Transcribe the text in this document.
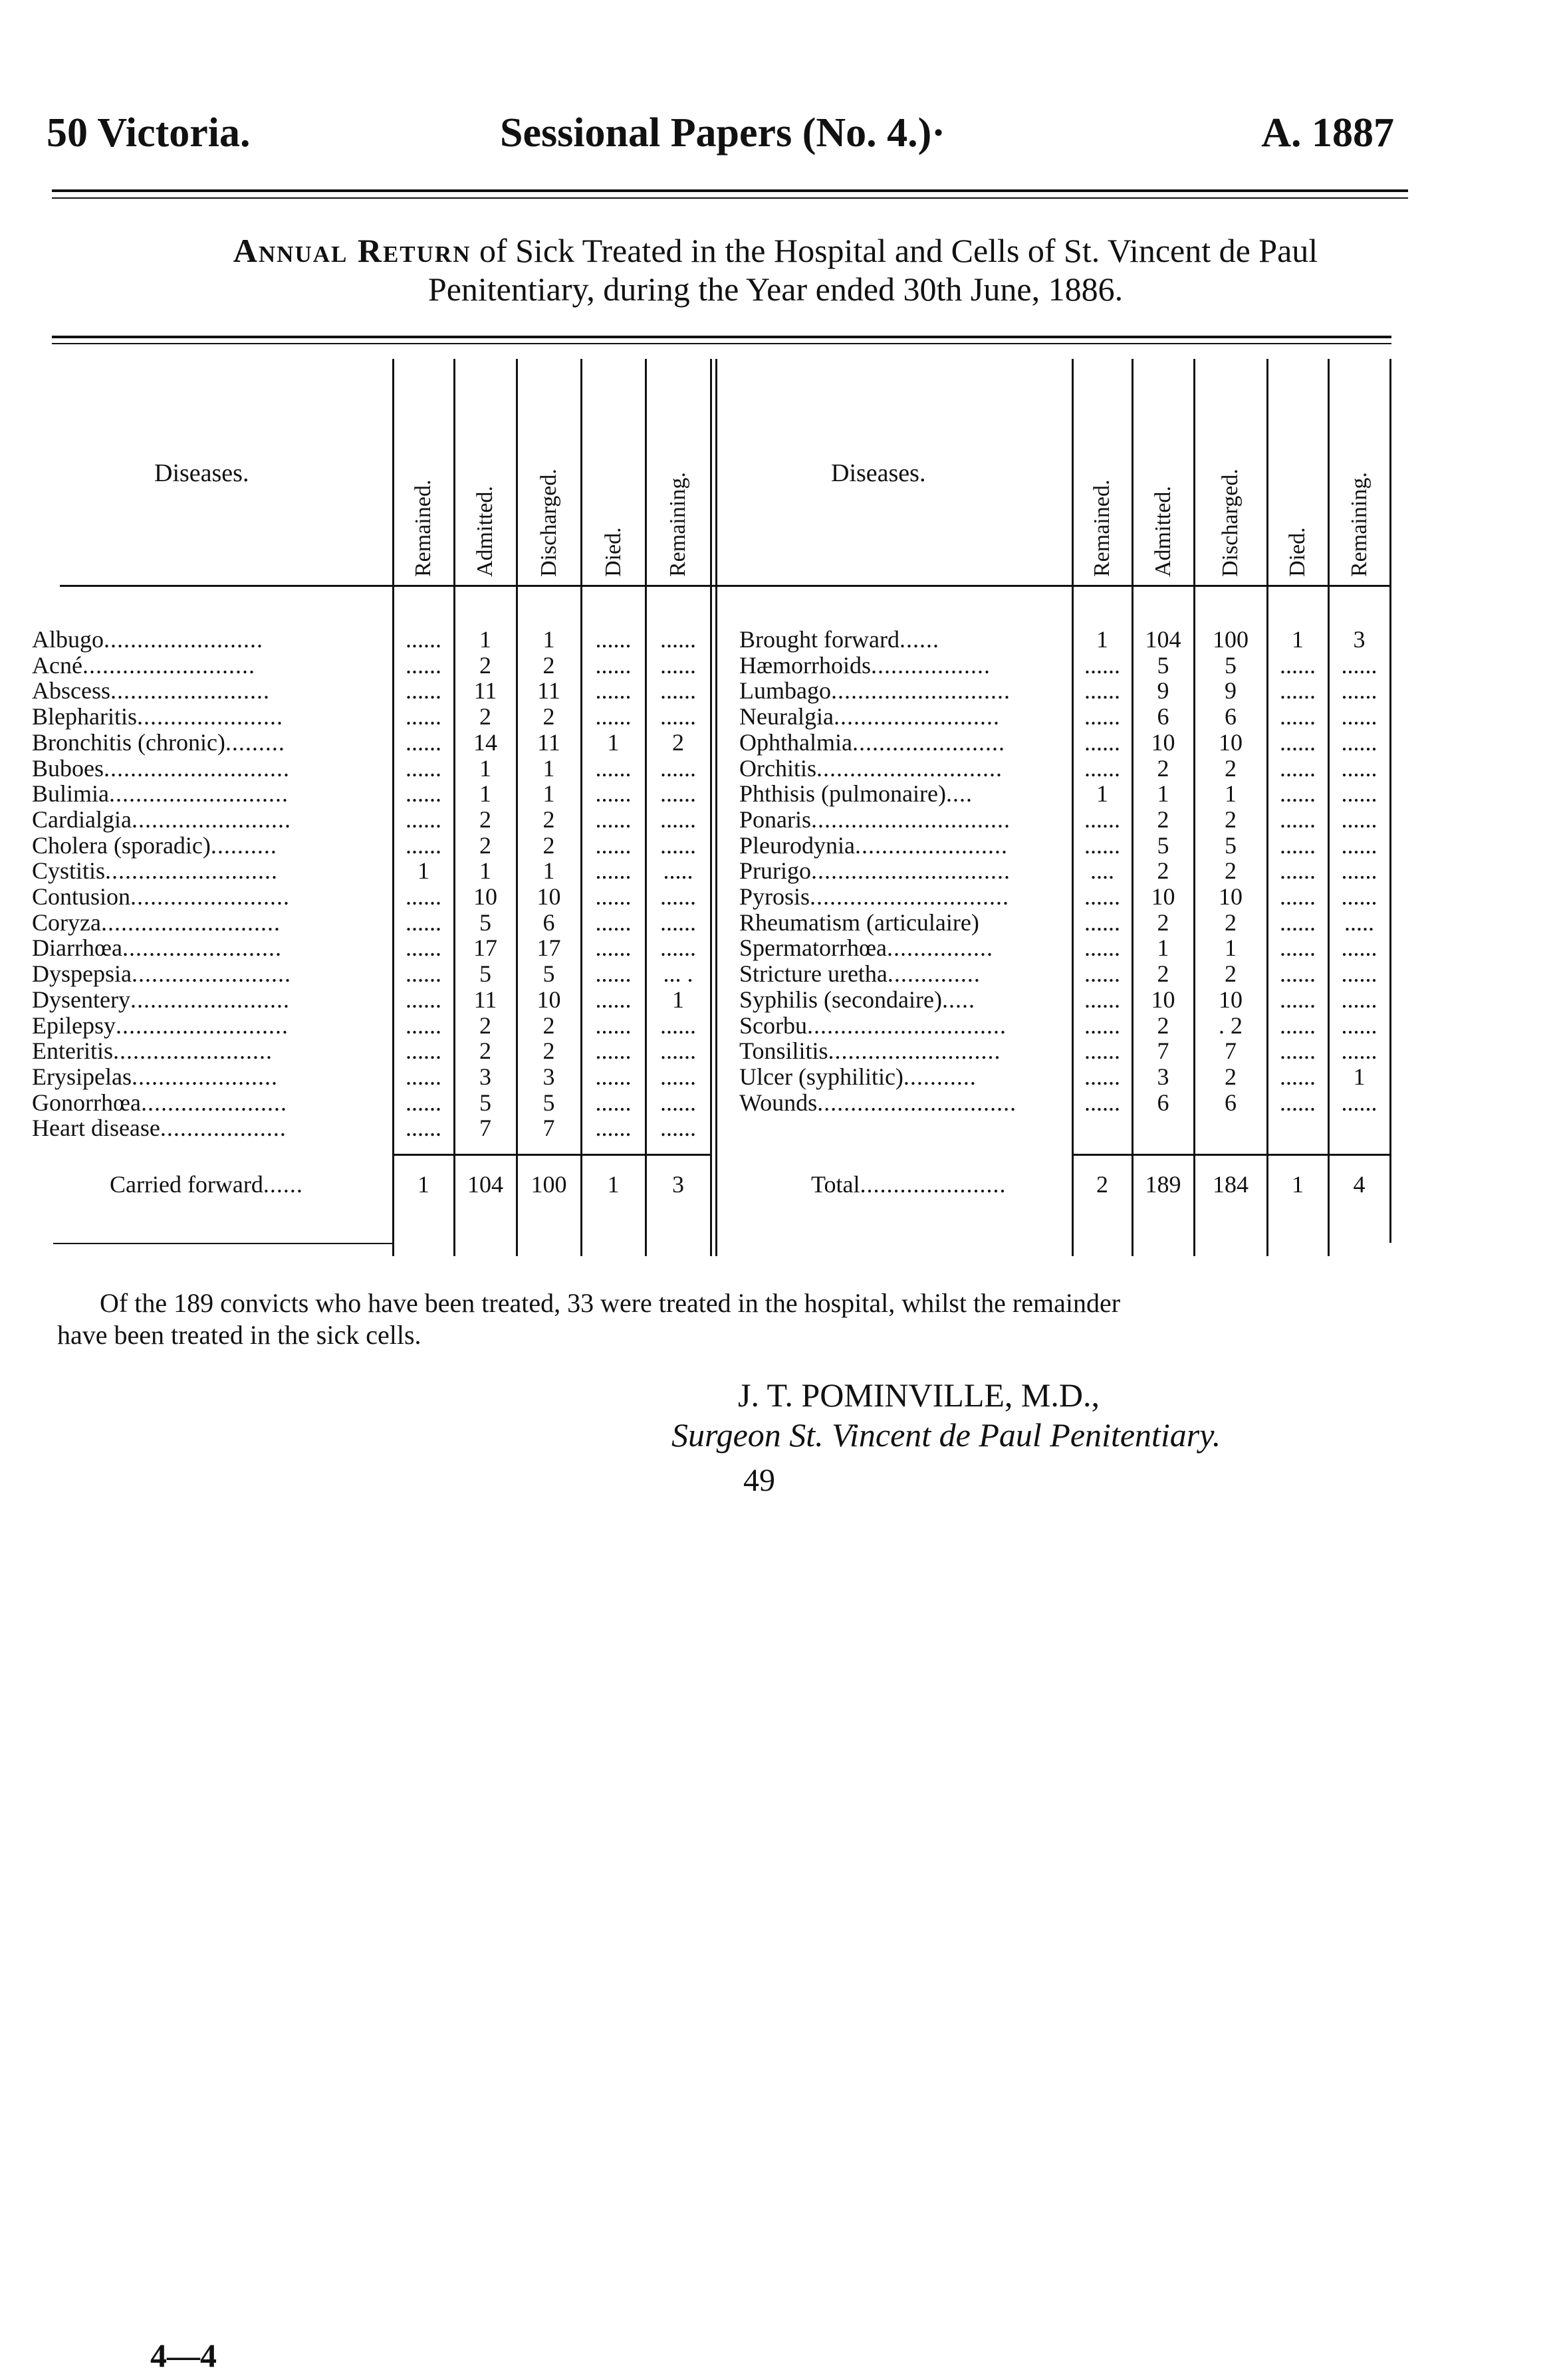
50 Victoria.	Sessional Papers (No. 4.)·	A. 1887
Annual Return of Sick Treated in the Hospital and Cells of St. Vincent de Paul
Penitentiary, during the Year ended 30th June, 1886.
Diseases.	Diseases.
Remained. Admitted. Discharged. Died. Remaining.	Remained. Admitted. Discharged. Died. Remaining.
Albugo........................	......	1	1	......	......
Acné..........................	......	2	2	......	......
Abscess........................	......	11	11	......	......
Blepharitis......................	......	2	2	......	......
Bronchitis (chronic).........	......	14	11	1	2
Buboes............................	......	1	1	......	......
Bulimia...........................	......	1	1	......	......
Cardialgia........................	......	2	2	......	......
Cholera (sporadic)..........	......	2	2	......	......
Cystitis..........................	1	1	1	......	.....
Contusion........................	......	10	10	......	......
Coryza...........................	......	5	6	......	......
Diarrhœa........................	......	17	17	......	......
Dyspepsia........................	......	5	5	......	... .
Dysentery........................	......	11	10	......	1
Epilepsy..........................	......	2	2	......	......
Enteritis........................	......	2	2	......	......
Erysipelas......................	......	3	3	......	......
Gonorrhœa......................	......	5	5	......	......
Heart disease...................	......	7	7	......	......
Brought forward......	1	104	100	1	3
Hæmorrhoids..................	......	5	5	......	......
Lumbago...........................	......	9	9	......	......
Neuralgia.........................	......	6	6	......	......
Ophthalmia.......................	......	10	10	......	......
Orchitis............................	......	2	2	......	......
Phthisis (pulmonaire)....	1	1	1	......	......
Ponaris..............................	......	2	2	......	......
Pleurodynia.......................	......	5	5	......	......
Prurigo..............................	....	2	2	......	......
Pyrosis..............................	......	10	10	......	......
Rheumatism (articulaire)	......	2	2	......	.....
Spermatorrhœa................	......	1	1	......	......
Stricture uretha..............	......	2	2	......	......
Syphilis (secondaire).....	......	10	10	......	......
Scorbu..............................	......	2	. 2	......	......
Tonsilitis..........................	......	7	7	......	......
Ulcer (syphilitic)...........	......	3	2	......	1
Wounds..............................	......	6	6	......	......
Carried forward......	1	104	100	1	3	Total......................	2	189	184	1	4
Of the 189 convicts who have been treated, 33 were treated in the hospital, whilst the remainder
have been treated in the sick cells.
J. T. POMINVILLE, M.D.,
Surgeon St. Vincent de Paul Penitentiary.
49
4—4
